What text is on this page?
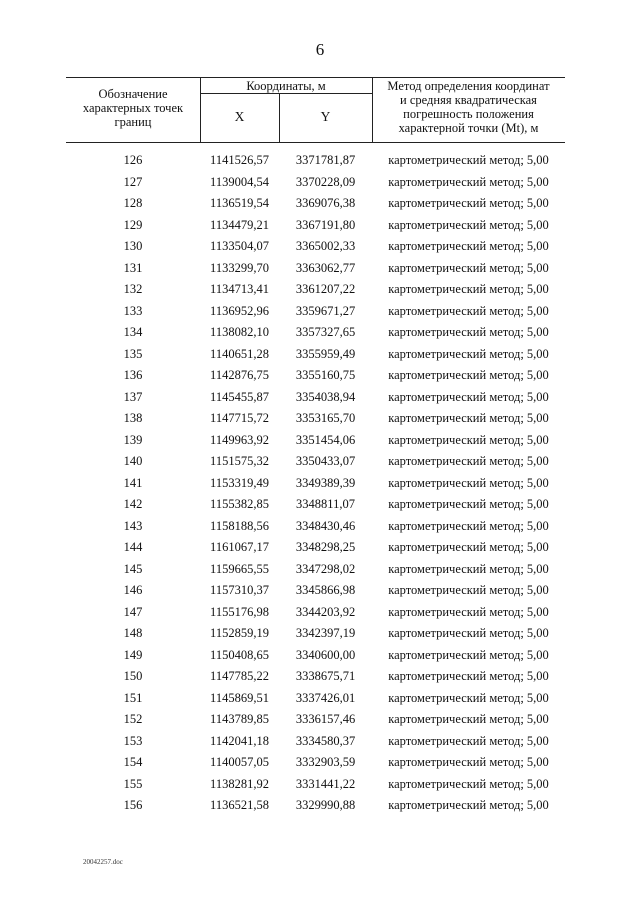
6
Обозначение
характерных точек
границ
Координаты, м
X	Y
Метод определения координат
и средняя квадратическая
погрешность положения
характерной точки (Mt), м
126	1141526,57	3371781,87	картометрический метод; 5,00
127	1139004,54	3370228,09	картометрический метод; 5,00
128	1136519,54	3369076,38	картометрический метод; 5,00
129	1134479,21	3367191,80	картометрический метод; 5,00
130	1133504,07	3365002,33	картометрический метод; 5,00
131	1133299,70	3363062,77	картометрический метод; 5,00
132	1134713,41	3361207,22	картометрический метод; 5,00
133	1136952,96	3359671,27	картометрический метод; 5,00
134	1138082,10	3357327,65	картометрический метод; 5,00
135	1140651,28	3355959,49	картометрический метод; 5,00
136	1142876,75	3355160,75	картометрический метод; 5,00
137	1145455,87	3354038,94	картометрический метод; 5,00
138	1147715,72	3353165,70	картометрический метод; 5,00
139	1149963,92	3351454,06	картометрический метод; 5,00
140	1151575,32	3350433,07	картометрический метод; 5,00
141	1153319,49	3349389,39	картометрический метод; 5,00
142	1155382,85	3348811,07	картометрический метод; 5,00
143	1158188,56	3348430,46	картометрический метод; 5,00
144	1161067,17	3348298,25	картометрический метод; 5,00
145	1159665,55	3347298,02	картометрический метод; 5,00
146	1157310,37	3345866,98	картометрический метод; 5,00
147	1155176,98	3344203,92	картометрический метод; 5,00
148	1152859,19	3342397,19	картометрический метод; 5,00
149	1150408,65	3340600,00	картометрический метод; 5,00
150	1147785,22	3338675,71	картометрический метод; 5,00
151	1145869,51	3337426,01	картометрический метод; 5,00
152	1143789,85	3336157,46	картометрический метод; 5,00
153	1142041,18	3334580,37	картометрический метод; 5,00
154	1140057,05	3332903,59	картометрический метод; 5,00
155	1138281,92	3331441,22	картометрический метод; 5,00
156	1136521,58	3329990,88	картометрический метод; 5,00
20042257.doc
